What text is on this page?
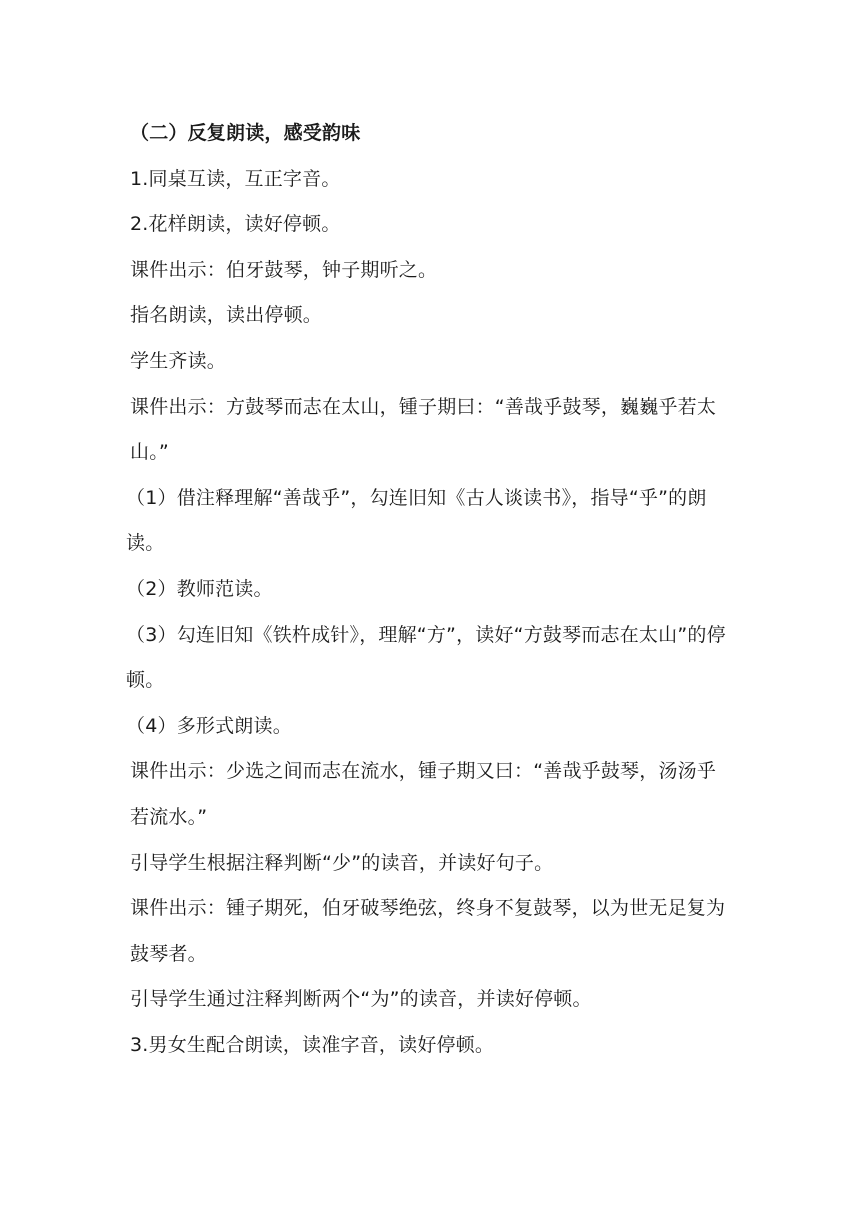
（二）反复朗读，感受韵味

1.同桌互读，互正字音。

2.花样朗读，读好停顿。

课件出示：伯牙鼓琴，钟子期听之。

指名朗读，读出停顿。

学生齐读。

课件出示：方鼓琴而志在太山，锺子期曰：“善哉乎鼓琴，巍巍乎若太山。”

（1）借注释理解“善哉乎”，勾连旧知《古人谈读书》，指导“乎”的朗读。

（2）教师范读。

（3）勾连旧知《铁杵成针》，理解“方”，读好“方鼓琴而志在太山”的停顿。

（4）多形式朗读。

课件出示：少选之间而志在流水，锺子期又曰：“善哉乎鼓琴，汤汤乎若流水。”

引导学生根据注释判断“少”的读音，并读好句子。

课件出示：锺子期死，伯牙破琴绝弦，终身不复鼓琴，以为世无足复为鼓琴者。

引导学生通过注释判断两个“为”的读音，并读好停顿。

3.男女生配合朗读，读准字音，读好停顿。
